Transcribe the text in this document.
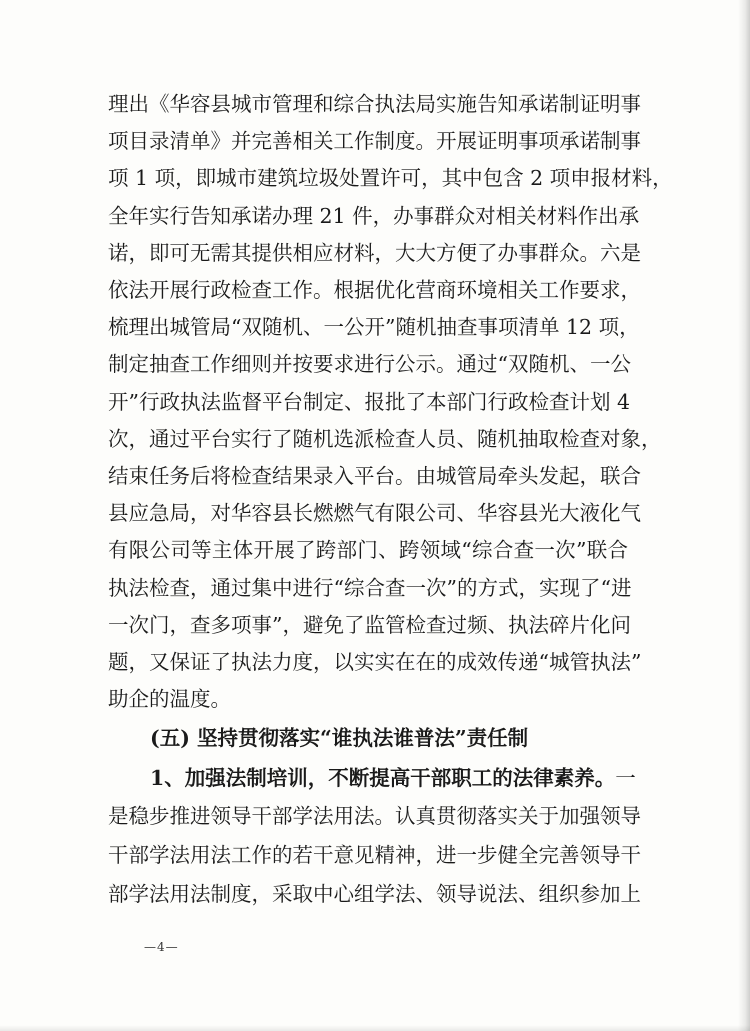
理出《华容县城市管理和综合执法局实施告知承诺制证明事
项目录清单》并完善相关工作制度。开展证明事项承诺制事
项 1 项，即城市建筑垃圾处置许可，其中包含 2 项申报材料，
全年实行告知承诺办理 21 件，办事群众对相关材料作出承
诺，即可无需其提供相应材料，大大方便了办事群众。六是
依法开展行政检查工作。根据优化营商环境相关工作要求，
梳理出城管局“双随机、一公开”随机抽查事项清单 12 项，
制定抽查工作细则并按要求进行公示。通过“双随机、一公
开”行政执法监督平台制定、报批了本部门行政检查计划 4
次，通过平台实行了随机选派检查人员、随机抽取检查对象，
结束任务后将检查结果录入平台。由城管局牵头发起，联合
县应急局，对华容县长燃燃气有限公司、华容县光大液化气
有限公司等主体开展了跨部门、跨领域“综合查一次”联合
执法检查，通过集中进行“综合查一次”的方式，实现了“进
一次门，查多项事”，避免了监管检查过频、执法碎片化问
题，又保证了执法力度，以实实在在的成效传递“城管执法”
助企的温度。
(五) 坚持贯彻落实“谁执法谁普法”责任制
1、加强法制培训，不断提高干部职工的法律素养。一
是稳步推进领导干部学法用法。认真贯彻落实关于加强领导
干部学法用法工作的若干意见精神，进一步健全完善领导干
部学法用法制度，采取中心组学法、领导说法、组织参加上
—4—
